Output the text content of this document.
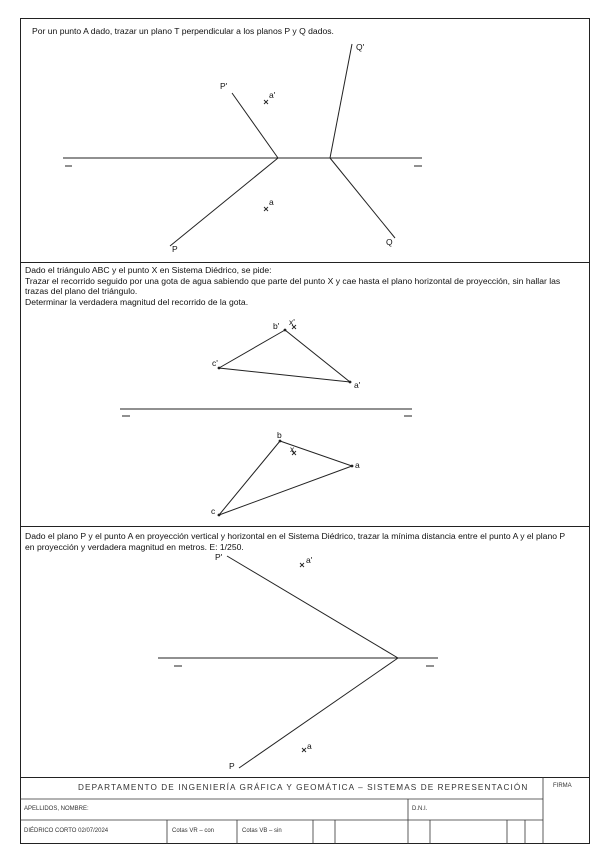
Por un punto A dado, trazar un plano T perpendicular a los planos P y Q dados.
Dado el triángulo ABC y el punto X en Sistema Diédrico, se pide:
Trazar el recorrido seguido por una gota de agua sabiendo que parte del punto X y cae hasta el plano horizontal de proyección, sin hallar las trazas del plano del triángulo.
Determinar la verdadera magnitud del recorrido de la gota.
Dado el plano P y el punto A en proyección vertical y horizontal en el Sistema Diédrico, trazar la mínima distancia entre el punto A y el plano P en proyección y verdadera magnitud en metros. E: 1/250.
P'
Q'
a'
a
P
Q
b' x'
c'
a'
b
x
a
c
P'	a'
a
P
DEPARTAMENTO DE INGENIERÍA GRÁFICA Y GEOMÁTICA – SISTEMAS DE REPRESENTACIÓN	FIRMA
APELLIDOS, NOMBRE:	D.N.I.
DIÉDRICO CORTO 02/07/2024	Cotas VR – con	Cotas VB – sin
